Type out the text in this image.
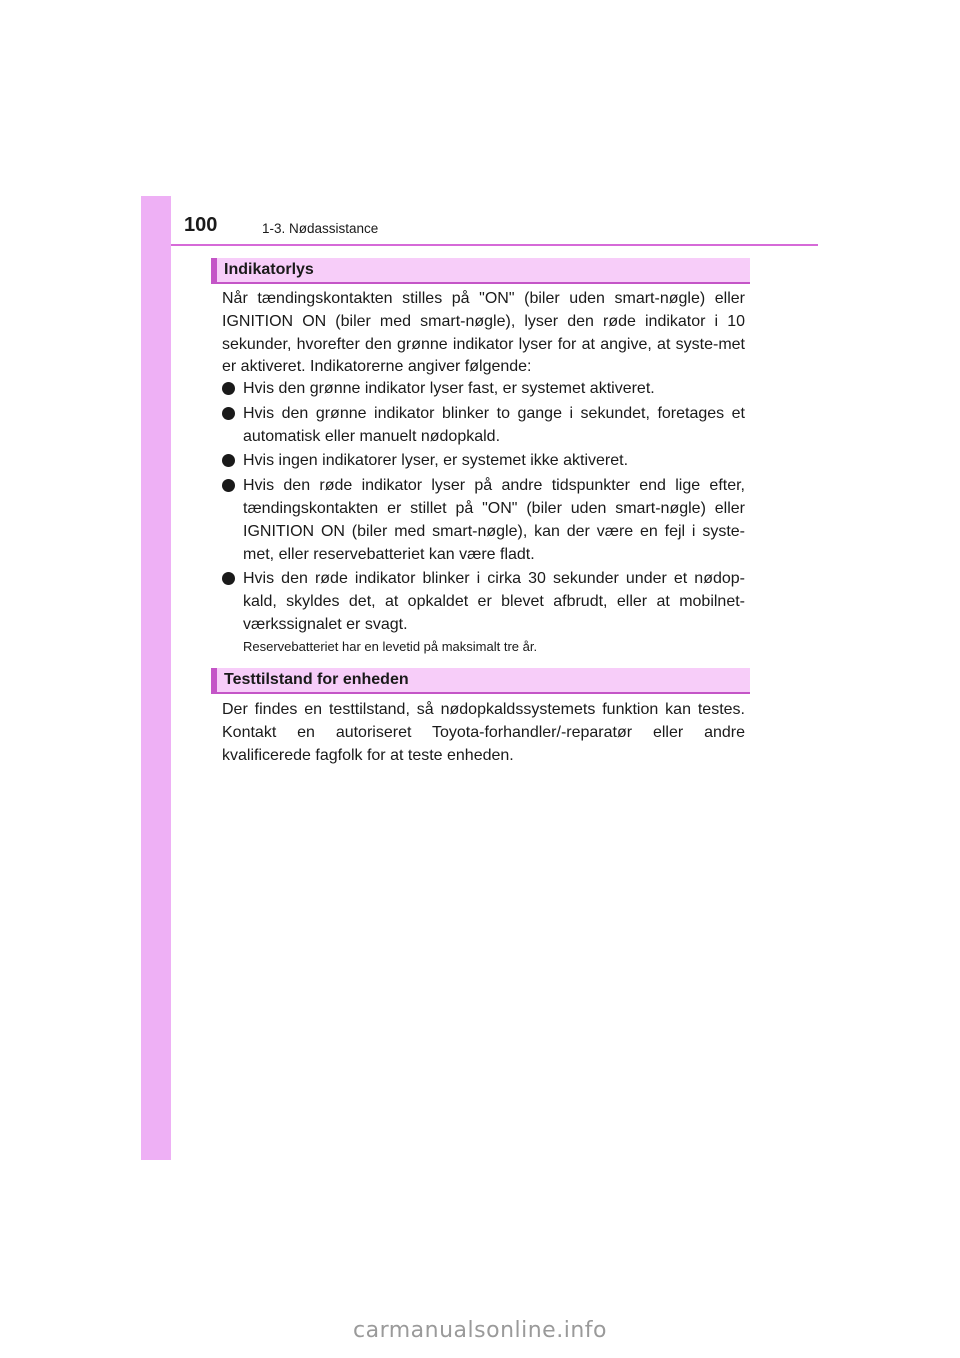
100	1-3. Nødassistance
Indikatorlys

Når tændingskontakten stilles på "ON" (biler uden smart-nøgle) eller IGNITION ON (biler med smart-nøgle), lyser den røde indikator i 10 sekunder, hvorefter den grønne indikator lyser for at angive, at syste-met er aktiveret. Indikatorerne angiver følgende:

Hvis den grønne indikator lyser fast, er systemet aktiveret.
Hvis den grønne indikator blinker to gange i sekundet, foretages et automatisk eller manuelt nødopkald.
Hvis ingen indikatorer lyser, er systemet ikke aktiveret.
Hvis den røde indikator lyser på andre tidspunkter end lige efter, tændingskontakten er stillet på "ON" (biler uden smart-nøgle) eller IGNITION ON (biler med smart-nøgle), kan der være en fejl i syste-met, eller reservebatteriet kan være fladt.
Hvis den røde indikator blinker i cirka 30 sekunder under et nødop-kald, skyldes det, at opkaldet er blevet afbrudt, eller at mobilnet-værkssignalet er svagt.

Reservebatteriet har en levetid på maksimalt tre år.

Testtilstand for enheden

Der findes en testtilstand, så nødopkaldssystemets funktion kan testes. Kontakt en autoriseret Toyota-forhandler/-reparatør eller andre kvalificerede fagfolk for at teste enheden.

carmanualsonline.info
